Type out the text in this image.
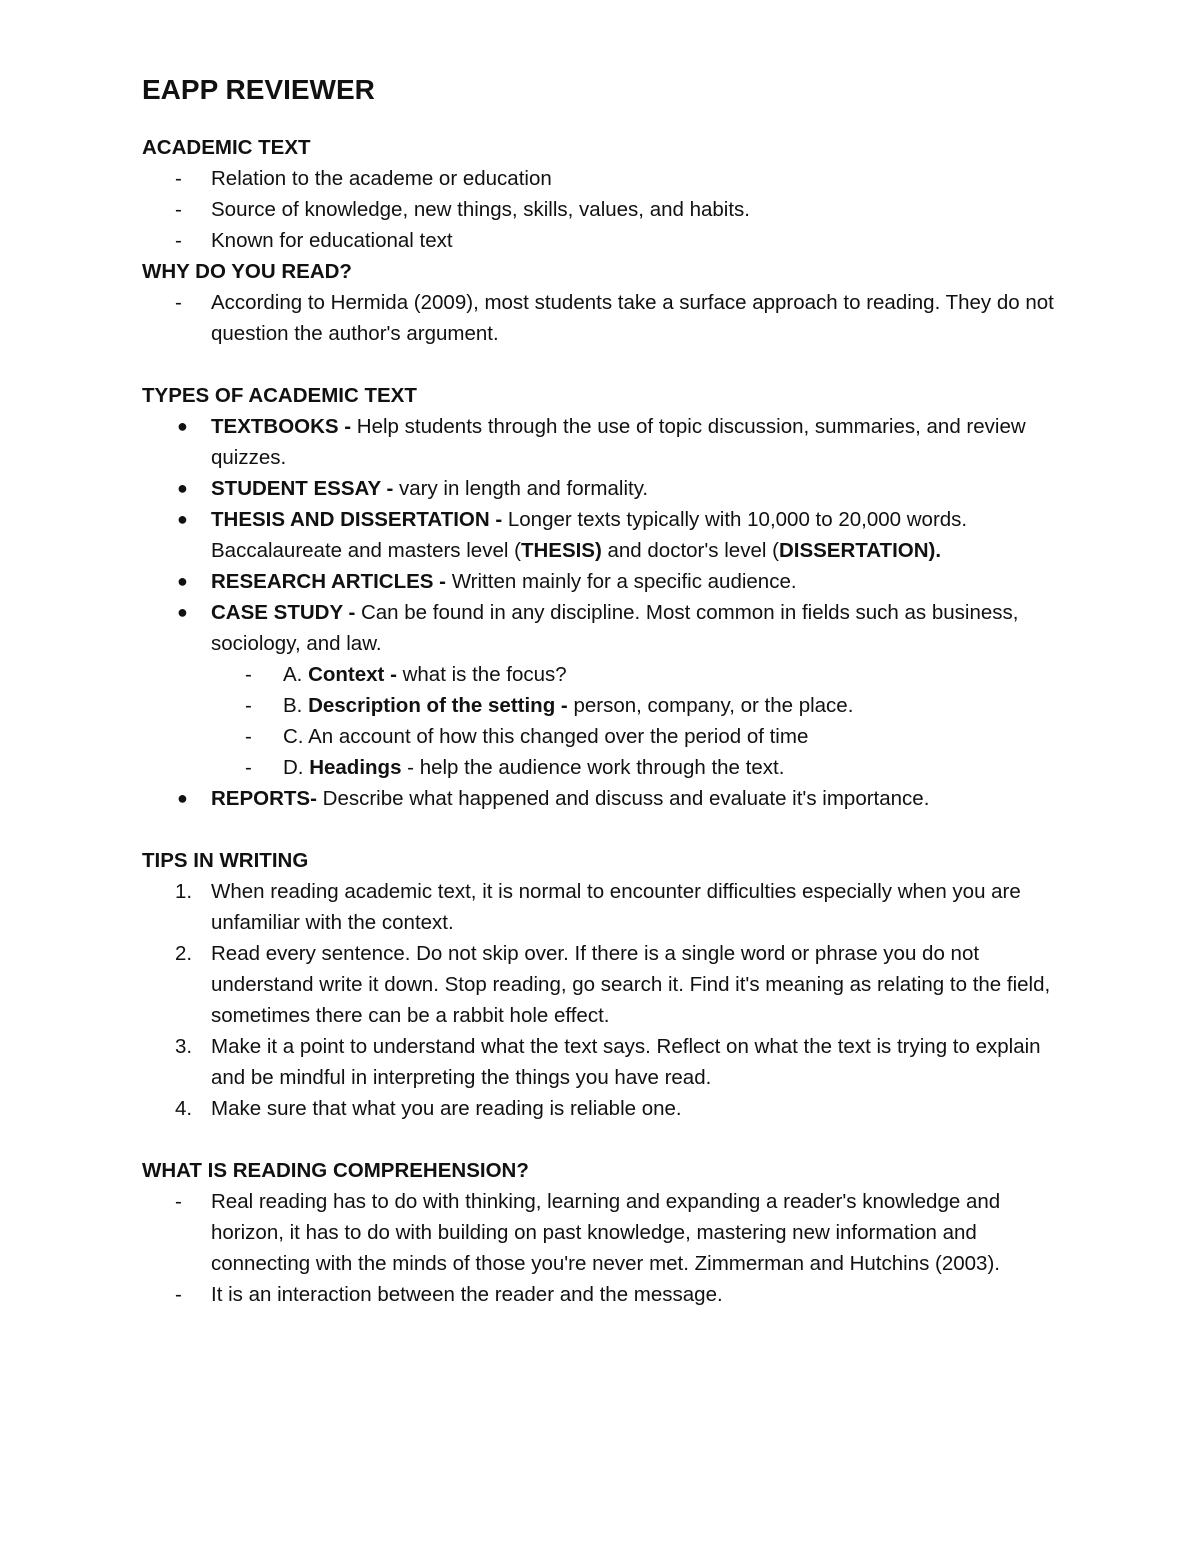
EAPP REVIEWER
ACADEMIC TEXT
-	Relation to the academe or education
-	Source of knowledge, new things, skills, values, and habits.
-	Known for educational text
WHY DO YOU READ?
-	According to Hermida (2009), most students take a surface approach to reading. They do not question the author's argument.
TYPES OF ACADEMIC TEXT
●	TEXTBOOKS - Help students through the use of topic discussion, summaries, and review quizzes.
●	STUDENT ESSAY - vary in length and formality.
●	THESIS AND DISSERTATION - Longer texts typically with 10,000 to 20,000 words. Baccalaureate and masters level (THESIS) and doctor's level (DISSERTATION).
●	RESEARCH ARTICLES - Written mainly for a specific audience.
●	CASE STUDY - Can be found in any discipline. Most common in fields such as business, sociology, and law.
-	A. Context - what is the focus?
-	B. Description of the setting - person, company, or the place.
-	C. An account of how this changed over the period of time
-	D. Headings - help the audience work through the text.
●	REPORTS- Describe what happened and discuss and evaluate it's importance.
TIPS IN WRITING
1. When reading academic text, it is normal to encounter difficulties especially when you are unfamiliar with the context.
2. Read every sentence. Do not skip over. If there is a single word or phrase you do not understand write it down. Stop reading, go search it. Find it's meaning as relating to the field, sometimes there can be a rabbit hole effect.
3. Make it a point to understand what the text says. Reflect on what the text is trying to explain and be mindful in interpreting the things you have read.
4. Make sure that what you are reading is reliable one.
WHAT IS READING COMPREHENSION?
-	Real reading has to do with thinking, learning and expanding a reader's knowledge and horizon, it has to do with building on past knowledge, mastering new information and connecting with the minds of those you're never met. Zimmerman and Hutchins (2003).
-	It is an interaction between the reader and the message.
